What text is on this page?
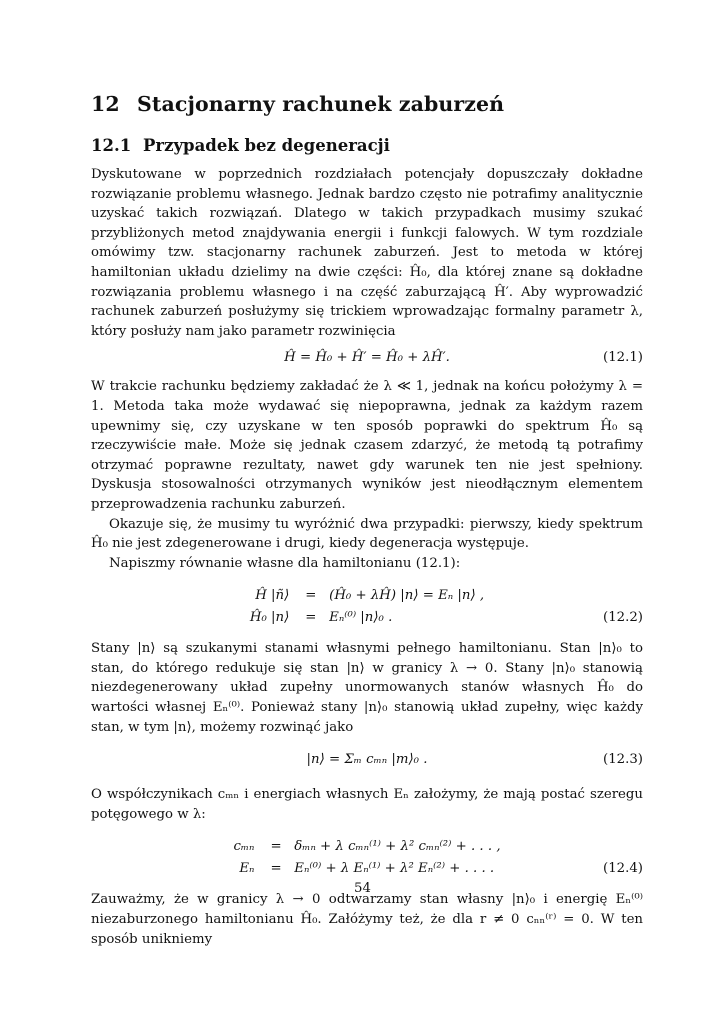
12 Stacjonarny rachunek zaburzeń
12.1 Przypadek bez degeneracji

Dyskutowane w poprzednich rozdziałach potencjały dopuszczały dokładne rozwiązanie problemu własnego. Jednak bardzo często nie potrafimy analitycznie uzyskać takich rozwiązań. Dlatego w takich przypadkach musimy szukać przybliżonych metod znajdywania energii i funkcji falowych. W tym rozdziale omówimy tzw. stacjonarny rachunek zaburzeń. Jest to metoda w której hamiltonian układu dzielimy na dwie części: Ĥ₀, dla której znane są dokładne rozwiązania problemu własnego i na część zaburzającą Ĥ′. Aby wyprowadzić rachunek zaburzeń posłużymy się trickiem wprowadzając formalny parametr λ, który posłuży nam jako parametr rozwinięcia

Ĥ = Ĥ₀ + Ĥ′ = Ĥ₀ + λĤ′.	(12.1)

W trakcie rachunku będziemy zakładać że λ ≪ 1, jednak na końcu położymy λ = 1. Metoda taka może wydawać się niepoprawna, jednak za każdym razem upewnimy się, czy uzyskane w ten sposób poprawki do spektrum Ĥ₀ są rzeczywiście małe. Może się jednak czasem zdarzyć, że metodą tą potrafimy otrzymać poprawne rezultaty, nawet gdy warunek ten nie jest spełniony. Dyskusja stosowalności otrzymanych wyników jest nieodłącznym elementem przeprowadzenia rachunku zaburzeń.

Okazuje się, że musimy tu wyróżnić dwa przypadki: pierwszy, kiedy spektrum Ĥ₀ nie jest zdegenerowane i drugi, kiedy degeneracja występuje.

Napiszmy równanie własne dla hamiltonianu (12.1):

Ĥ |ñ⟩	= (Ĥ₀ + λĤ) |n⟩ = Eₙ |n⟩ ,
Ĥ₀ |n⟩	= Eₙ⁽⁰⁾ |n⟩₀ .	(12.2)

Stany |n⟩ są szukanymi stanami własnymi pełnego hamiltonianu. Stan |n⟩₀ to stan, do którego redukuje się stan |n⟩ w granicy λ → 0. Stany |n⟩₀ stanowią niezdegenerowany układ zupełny unormowanych stanów własnych Ĥ₀ do wartości własnej Eₙ⁽⁰⁾. Ponieważ stany |n⟩₀ stanowią układ zupełny, więc każdy stan, w tym |n⟩, możemy rozwinąć jako

|n⟩ = Σₘ cₘₙ |m⟩₀ .	(12.3)

O współczynikach cₘₙ i energiach własnych Eₙ założymy, że mają postać szeregu potęgowego w λ:

cₘₙ	= δₘₙ + λ cₘₙ⁽¹⁾ + λ² cₘₙ⁽²⁾ + . . . ,
Eₙ	= Eₙ⁽⁰⁾ + λ Eₙ⁽¹⁾ + λ² Eₙ⁽²⁾ + . . . .	(12.4)

Zauważmy, że w granicy λ → 0 odtwarzamy stan własny |n⟩₀ i energię Eₙ⁽⁰⁾ niezaburzonego hamiltonianu Ĥ₀. Załóżymy też, że dla r ≠ 0 cₙₙ⁽ʳ⁾ = 0. W ten sposób unikniemy

54
